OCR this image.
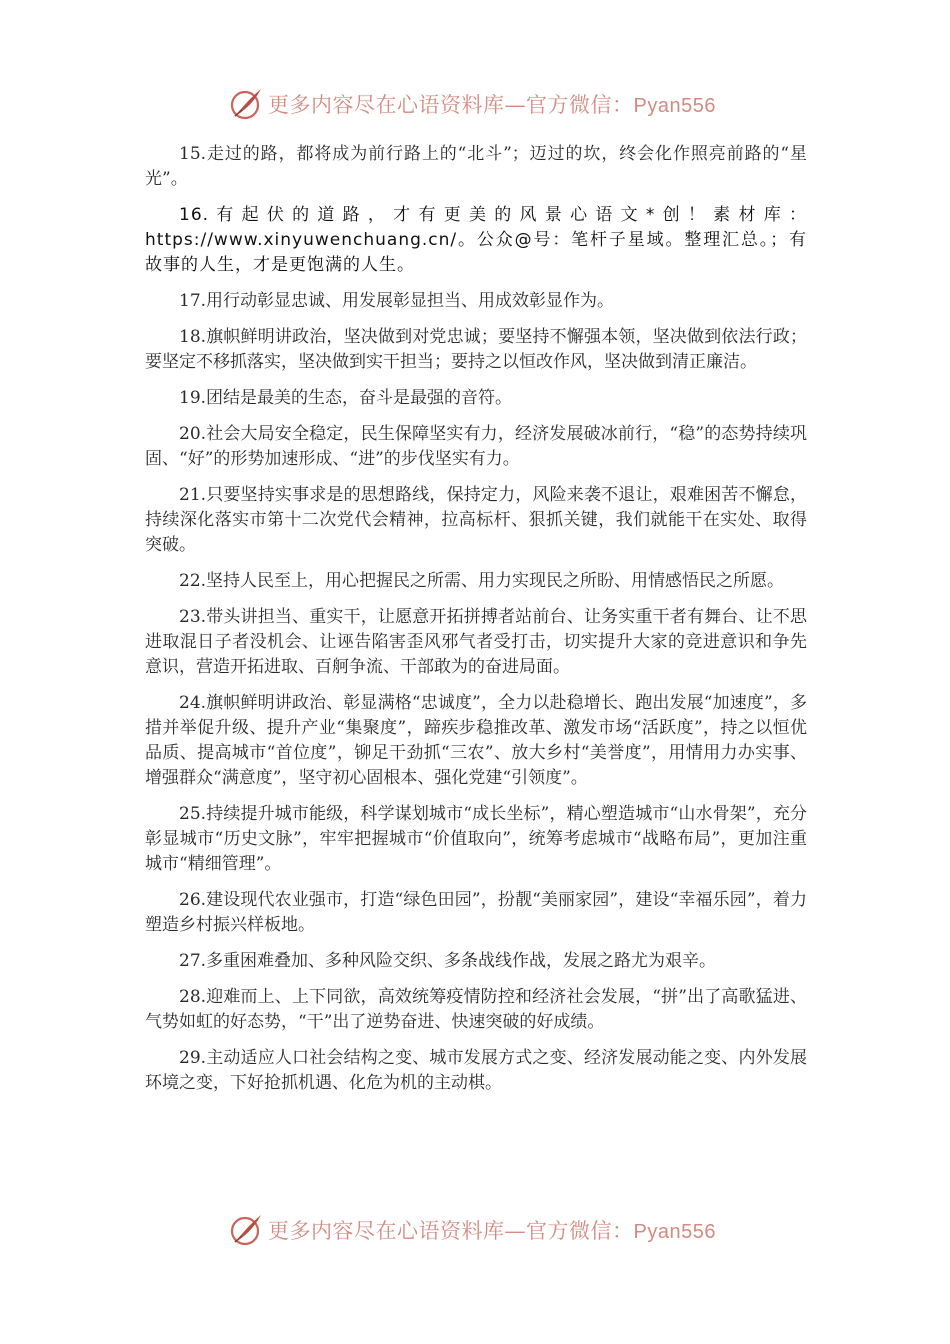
更多内容尽在心语资料库—官方微信：Pyan556

15.走过的路，都将成为前行路上的“北斗”；迈过的坎，终会化作照亮前路的“星光”。

16.有起伏的道路，才有更美的风景心语文*创！素材库：https://www.xinyuwenchuang.cn/。公众@号：笔杆子星域。整理汇总。；有故事的人生，才是更饱满的人生。

17.用行动彰显忠诚、用发展彰显担当、用成效彰显作为。

18.旗帜鲜明讲政治，坚决做到对党忠诚；要坚持不懈强本领，坚决做到依法行政；要坚定不移抓落实，坚决做到实干担当；要持之以恒改作风，坚决做到清正廉洁。

19.团结是最美的生态，奋斗是最强的音符。

20.社会大局安全稳定，民生保障坚实有力，经济发展破冰前行，“稳”的态势持续巩固、“好”的形势加速形成、“进”的步伐坚实有力。

21.只要坚持实事求是的思想路线，保持定力，风险来袭不退让，艰难困苦不懈怠，持续深化落实市第十二次党代会精神，拉高标杆、狠抓关键，我们就能干在实处、取得突破。

22.坚持人民至上，用心把握民之所需、用力实现民之所盼、用情感悟民之所愿。

23.带头讲担当、重实干，让愿意开拓拼搏者站前台、让务实重干者有舞台、让不思进取混日子者没机会、让诬告陷害歪风邪气者受打击，切实提升大家的竞进意识和争先意识，营造开拓进取、百舸争流、干部敢为的奋进局面。

24.旗帜鲜明讲政治、彰显满格“忠诚度”，全力以赴稳增长、跑出发展“加速度”，多措并举促升级、提升产业“集聚度”，蹄疾步稳推改革、激发市场“活跃度”，持之以恒优品质、提高城市“首位度”，铆足干劲抓“三农”、放大乡村“美誉度”，用情用力办实事、增强群众“满意度”，坚守初心固根本、强化党建“引领度”。

25.持续提升城市能级，科学谋划城市“成长坐标”，精心塑造城市“山水骨架”，充分彰显城市“历史文脉”，牢牢把握城市“价值取向”，统筹考虑城市“战略布局”，更加注重城市“精细管理”。

26.建设现代农业强市，打造“绿色田园”，扮靓“美丽家园”，建设“幸福乐园”，着力塑造乡村振兴样板地。

27.多重困难叠加、多种风险交织、多条战线作战，发展之路尤为艰辛。

28.迎难而上、上下同欲，高效统筹疫情防控和经济社会发展，“拼”出了高歌猛进、气势如虹的好态势，“干”出了逆势奋进、快速突破的好成绩。

29.主动适应人口社会结构之变、城市发展方式之变、经济发展动能之变、内外发展环境之变，下好抢抓机遇、化危为机的主动棋。

更多内容尽在心语资料库—官方微信：Pyan556
